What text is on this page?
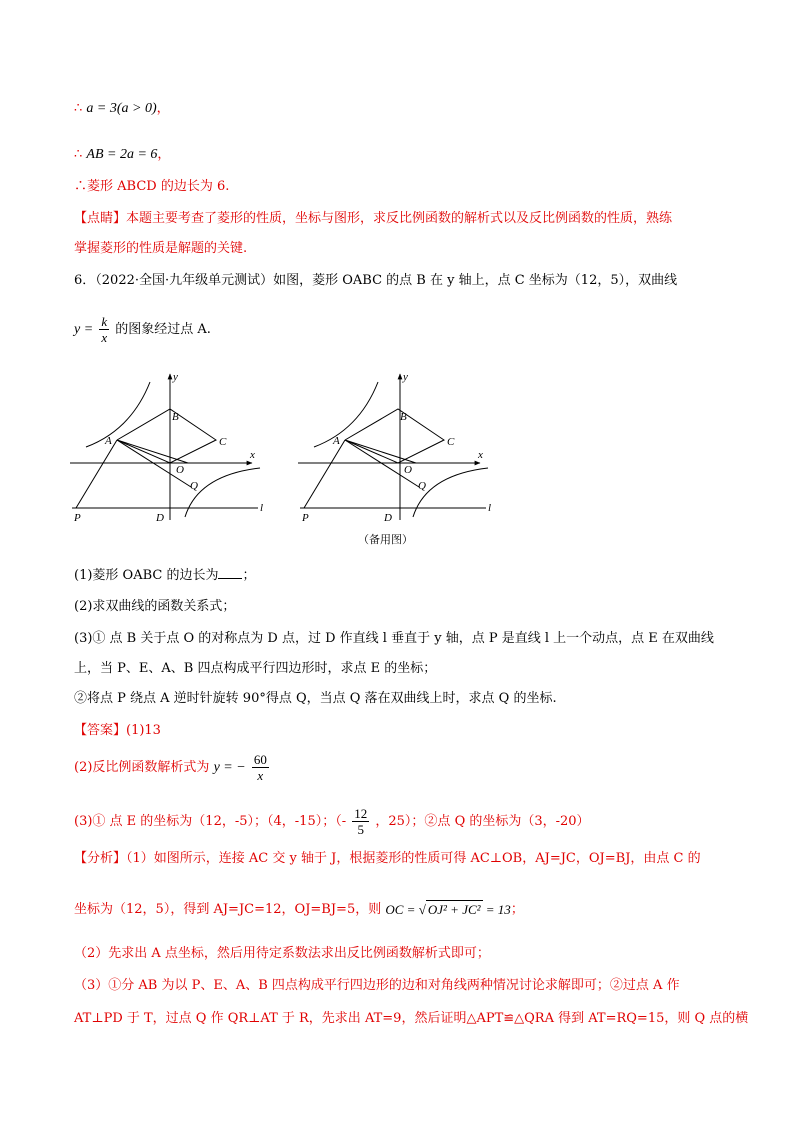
∴ a = 3(a > 0)，
∴ AB = 2a = 6，
∴菱形 ABCD 的边长为 6.
【点睛】本题主要考查了菱形的性质，坐标与图形，求反比例函数的解析式以及反比例函数的性质，熟练
掌握菱形的性质是解题的关键.
6．（2022·全国·九年级单元测试）如图，菱形 OABC 的点 B 在 y 轴上，点 C 坐标为（12，5），双曲线
$y = \frac{k}{x}$ 的图象经过点 A.
y
x
B
A	C
O
Q
P	D
l
y
x
B
A	C
O
Q
P	D
l
（备用图）
(1)菱形 OABC 的边长为 ；
(2)求双曲线的函数关系式；
(3)① 点 B 关于点 O 的对称点为 D 点，过 D 作直线 l 垂直于 y 轴，点 P 是直线 l 上一个动点，点 E 在双曲线
上，当 P、E、A、B 四点构成平行四边形时，求点 E 的坐标；
②将点 P 绕点 A 逆时针旋转 90°得点 Q，当点 Q 落在双曲线上时，求点 Q 的坐标.
【答案】(1)13
(2)反比例函数解析式为 y = − $\frac{60}{x}$
(3)① 点 E 的坐标为（12，-5）；（4，-15）；（- $\frac{12}{5}$ ，25）；②点 Q 的坐标为（3，-20）
【分析】（1）如图所示，连接 AC 交 y 轴于 J，根据菱形的性质可得 AC⊥OB，AJ=JC，OJ=BJ，由点 C 的
坐标为（12，5），得到 AJ=JC=12，OJ=BJ=5，则 OC = √ OJ² + JC² = 13；
（2）先求出 A 点坐标，然后用待定系数法求出反比例函数解析式即可；
（3）①分 AB 为以 P、E、A、B 四点构成平行四边形的边和对角线两种情况讨论求解即可；②过点 A 作
AT⊥PD 于 T，过点 Q 作 QR⊥AT 于 R，先求出 AT=9，然后证明△APT≌△QRA 得到 AT=RQ=15，则 Q 点的横
